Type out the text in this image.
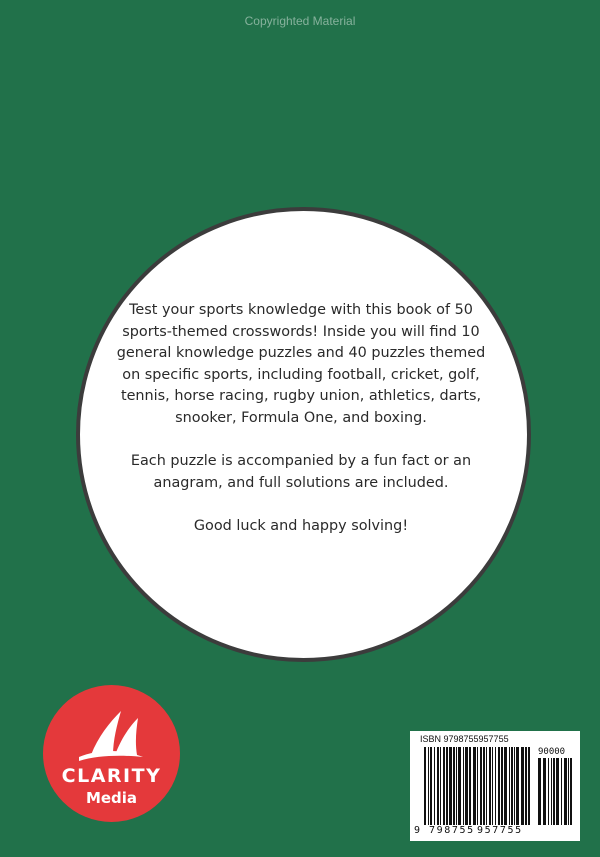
Copyrighted Material

Test your sports knowledge with this book of 50 sports-themed crosswords! Inside you will find 10 general knowledge puzzles and 40 puzzles themed on specific sports, including football, cricket, golf, tennis, horse racing, rugby union, athletics, darts, snooker, Formula One, and boxing.

Each puzzle is accompanied by a fun fact or an anagram, and full solutions are included.

Good luck and happy solving!

CLARITY
Media
ISBN 9798755957755
90000
9 798755 957755
